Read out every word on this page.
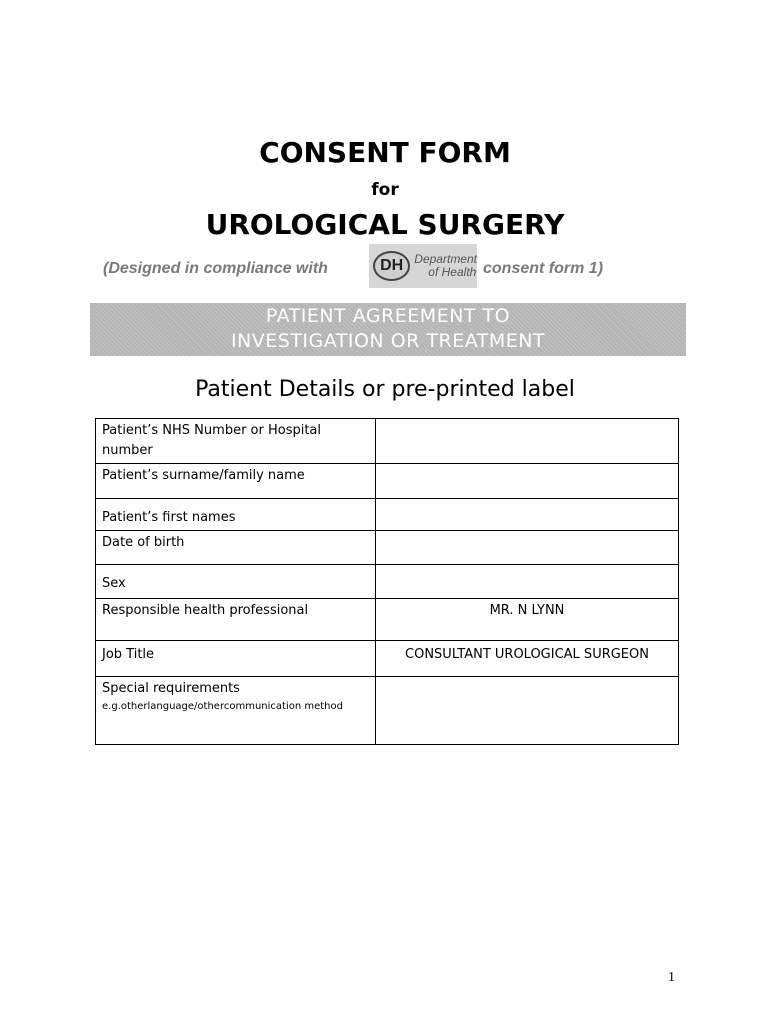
CONSENT FORM
for
UROLOGICAL SURGERY
(Designed in compliance with	DH Department
of Health consent form 1)
PATIENT AGREEMENT TO
INVESTIGATION OR TREATMENT
Patient Details or pre-printed label
Patient’s NHS Number or Hospital number	
Patient’s surname/family name	
Patient’s first names	
Date of birth	
Sex	
Responsible health professional	MR. N LYNN
Job Title	CONSULTANT UROLOGICAL SURGEON

Special requirements
e.g.otherlanguage/othercommunication method	

1
